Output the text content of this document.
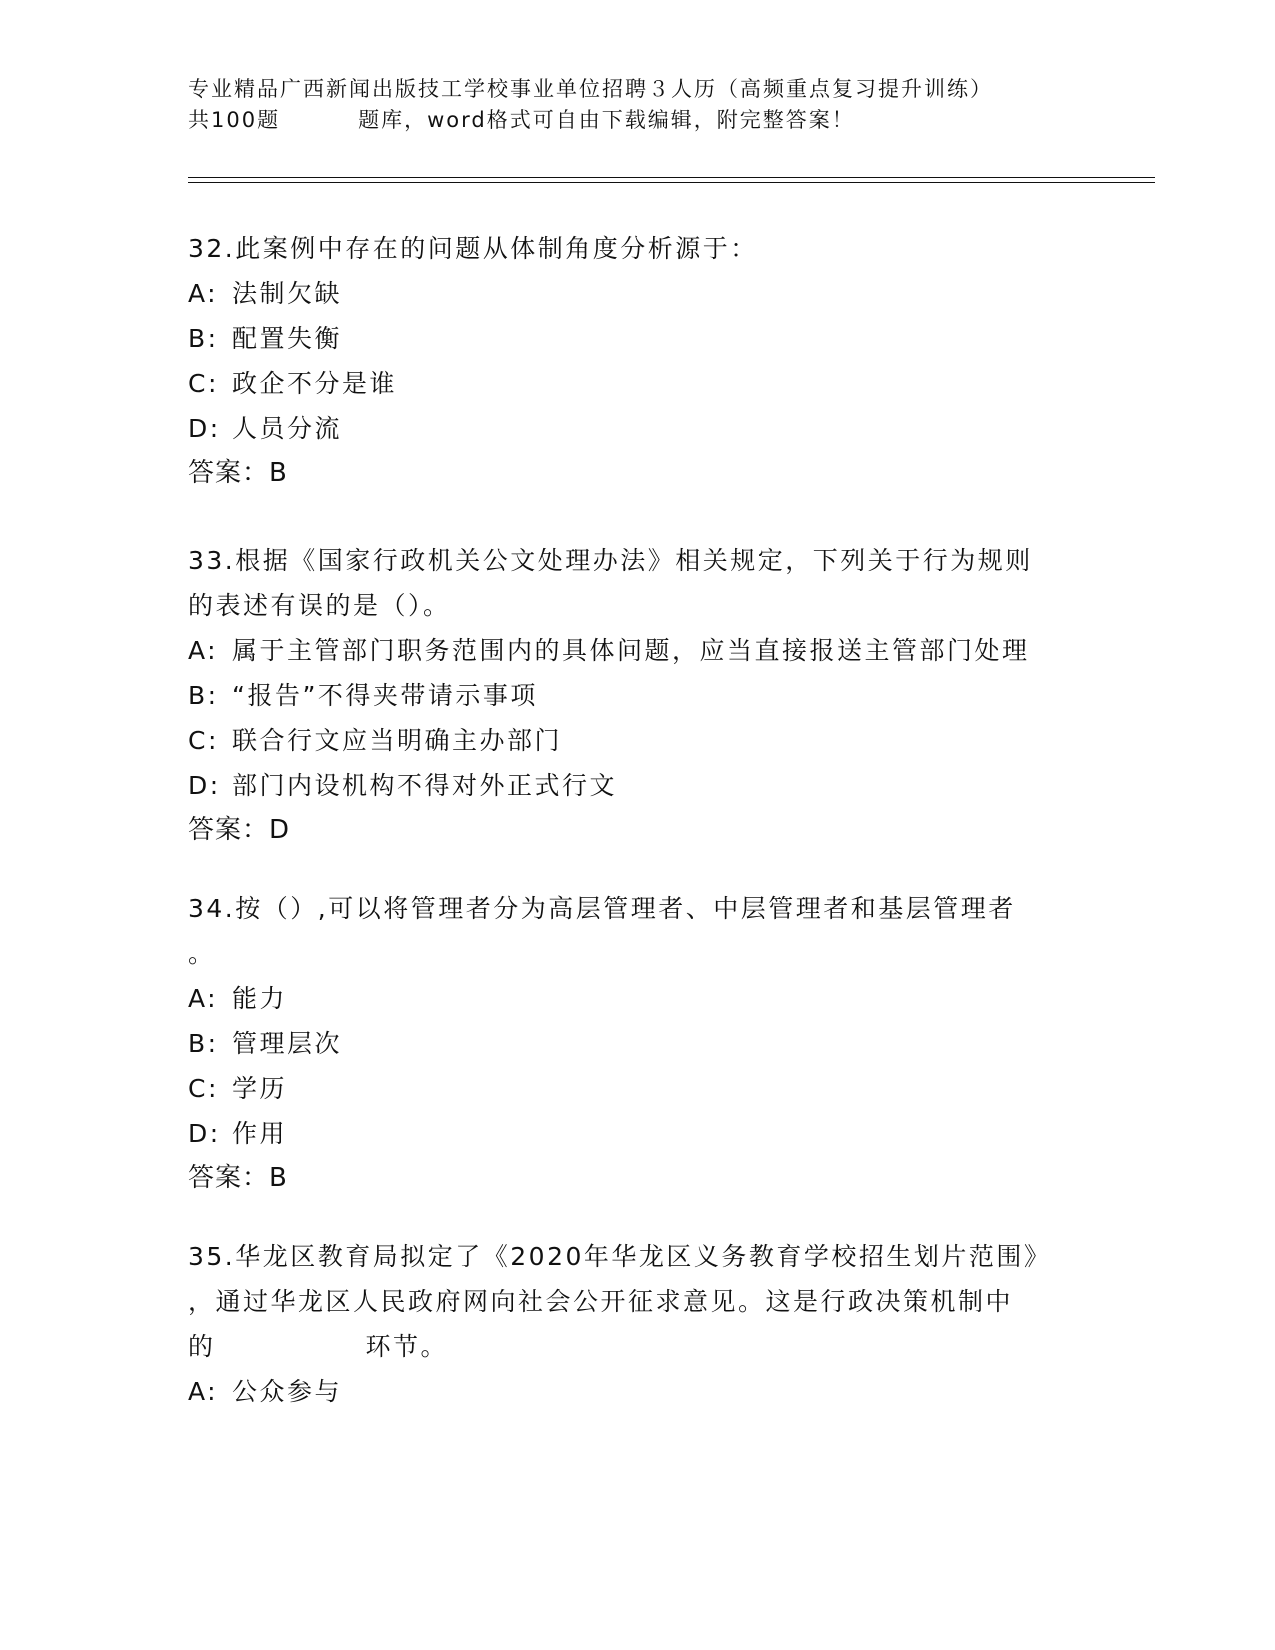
专业精品广西新闻出版技工学校事业单位招聘３人历（高频重点复习提升训练）
共100题	题库，word格式可自由下载编辑，附完整答案！
32.此案例中存在的问题从体制角度分析源于：
A: 法制欠缺
B: 配置失衡
C: 政企不分是谁
D: 人员分流
答案：B
33.根据《国家行政机关公文处理办法》相关规定，下列关于行为规则
的表述有误的是（）。
A: 属于主管部门职务范围内的具体问题，应当直接报送主管部门处理
B: “报告”不得夹带请示事项
C: 联合行文应当明确主办部门
D: 部门内设机构不得对外正式行文
答案：D
34.按（）,可以将管理者分为高层管理者、中层管理者和基层管理者
。
A: 能力
B: 管理层次
C: 学历
D: 作用
答案：B
35.华龙区教育局拟定了《2020年华龙区义务教育学校招生划片范围》
，通过华龙区人民政府网向社会公开征求意见。这是行政决策机制中
的	环节。
A: 公众参与
